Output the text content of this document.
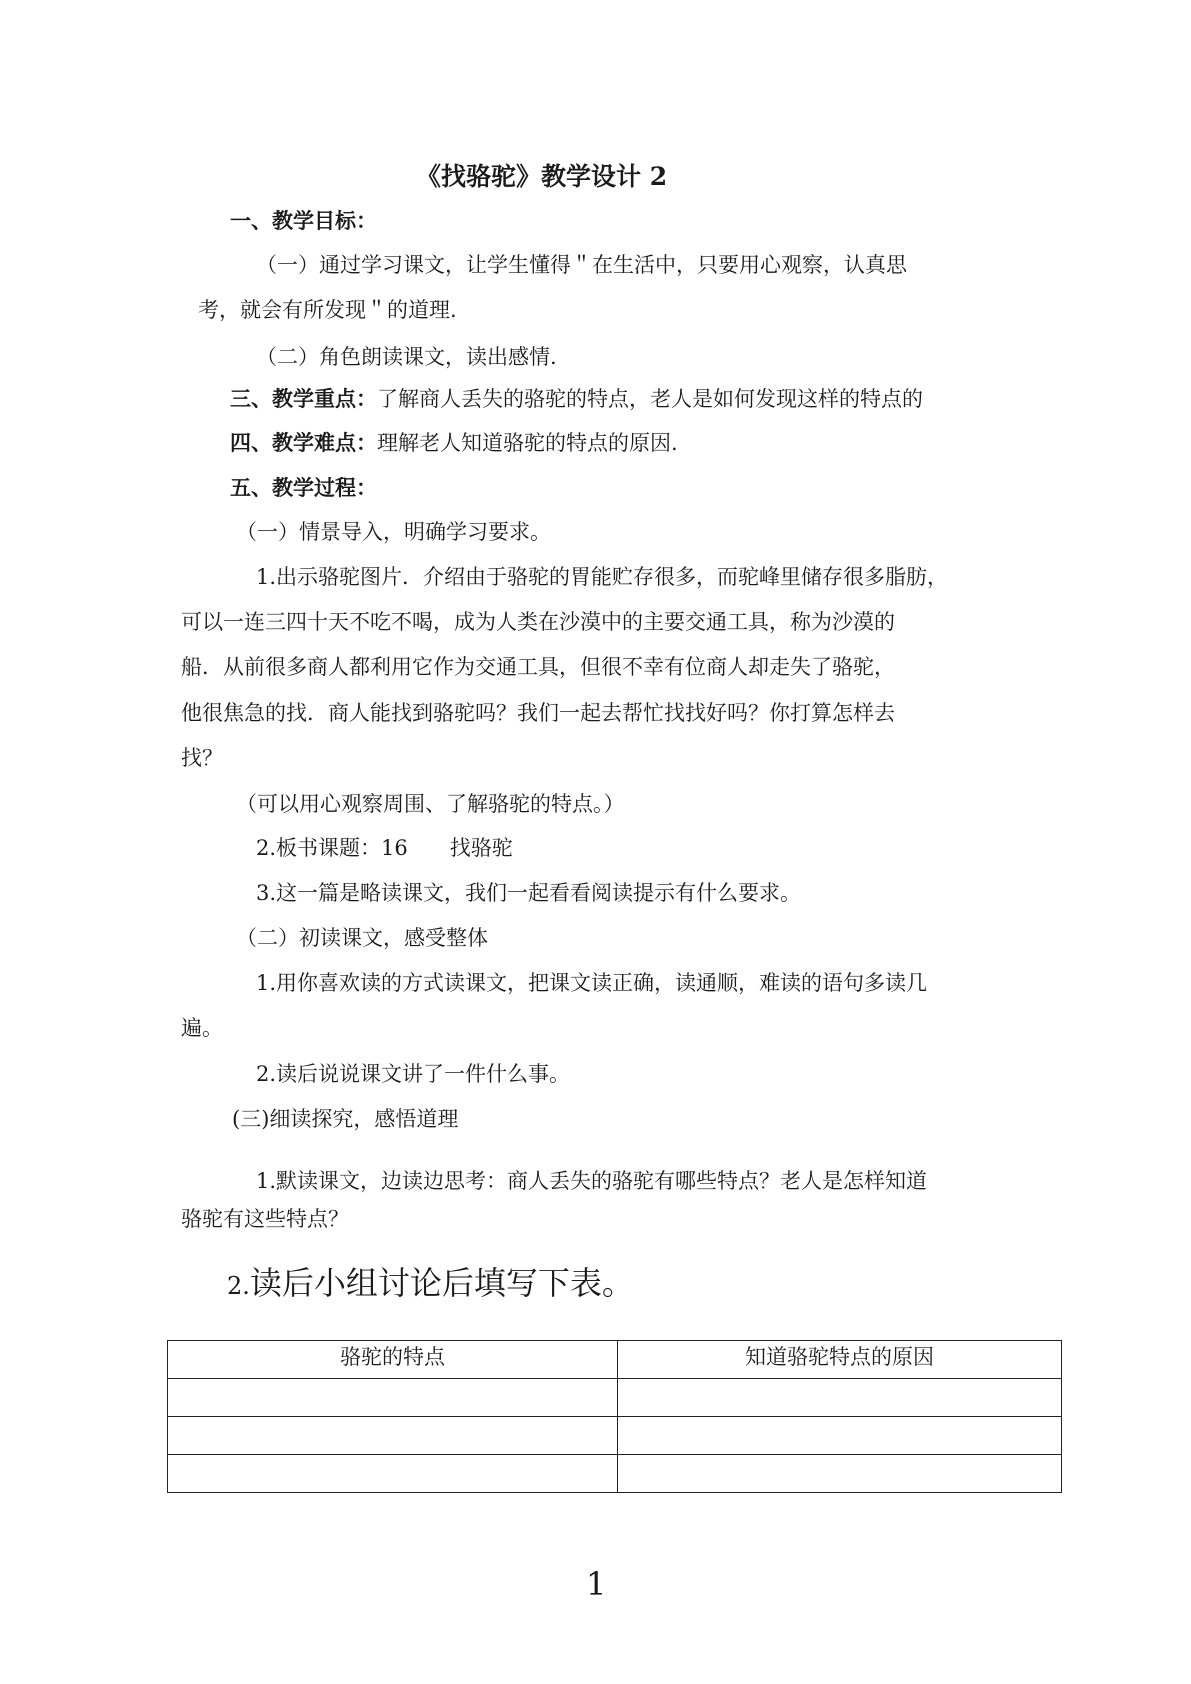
《找骆驼》教学设计 2
一、教学目标：
（一）通过学习课文，让学生懂得＂在生活中，只要用心观察，认真思
考，就会有所发现＂的道理.
（二）角色朗读课文，读出感情.
三、教学重点：了解商人丢失的骆驼的特点，老人是如何发现这样的特点的
四、教学难点：理解老人知道骆驼的特点的原因.
五、教学过程：
（一）情景导入，明确学习要求。
1.出示骆驼图片．介绍由于骆驼的胃能贮存很多，而驼峰里储存很多脂肪，
可以一连三四十天不吃不喝，成为人类在沙漠中的主要交通工具，称为沙漠的
船．从前很多商人都利用它作为交通工具，但很不幸有位商人却走失了骆驼，
他很焦急的找．商人能找到骆驼吗？我们一起去帮忙找找好吗？你打算怎样去
找？
（可以用心观察周围、了解骆驼的特点。）
2.板书课题：16　　找骆驼
3.这一篇是略读课文，我们一起看看阅读提示有什么要求。
（二）初读课文，感受整体
1.用你喜欢读的方式读课文，把课文读正确，读通顺，难读的语句多读几
遍。
2.读后说说课文讲了一件什么事。
(三)细读探究，感悟道理
1.默读课文，边读边思考：商人丢失的骆驼有哪些特点？老人是怎样知道
骆驼有这些特点？
2.读后小组讨论后填写下表。
骆驼的特点	知道骆驼特点的原因

1
